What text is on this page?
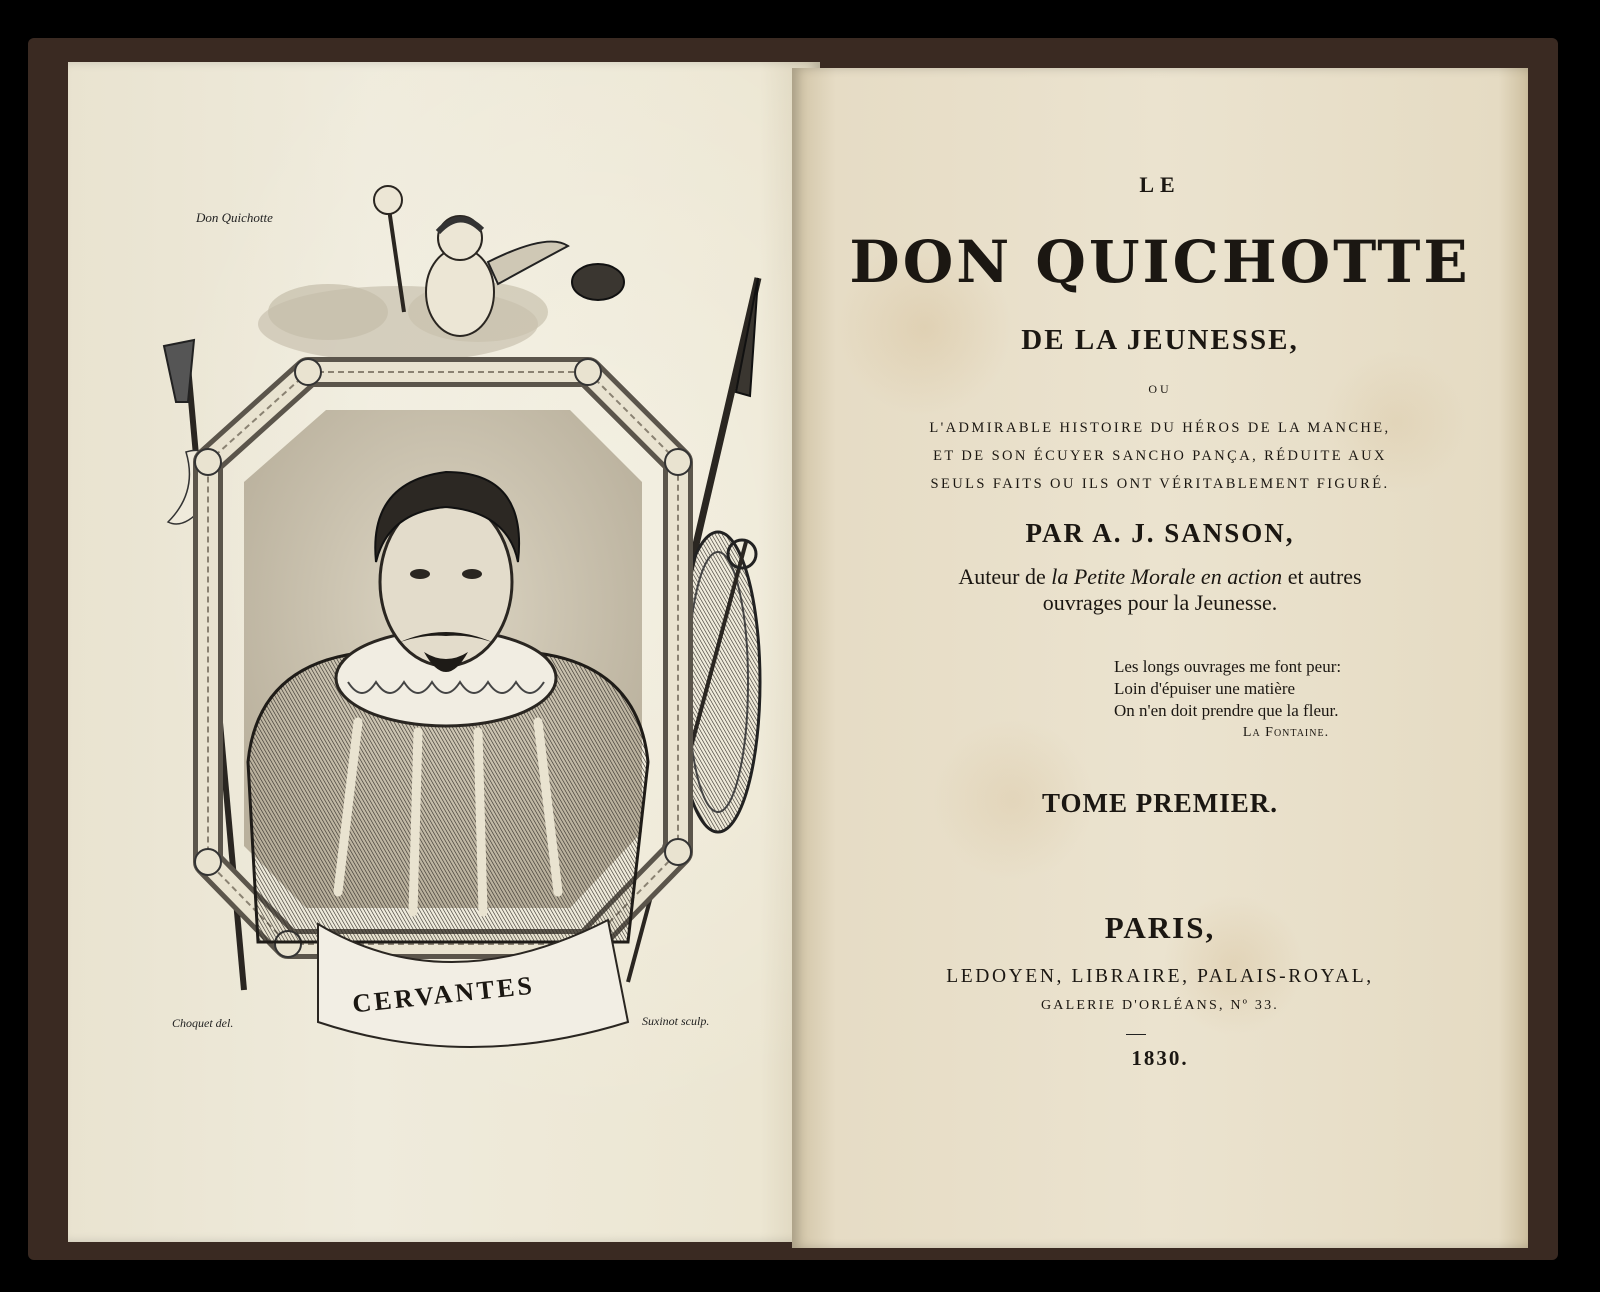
Don Quichotte
Choquet del.	Suxinot sculp.
CERVANTES
LE
DON QUICHOTTE
DE LA JEUNESSE,
OU
L'ADMIRABLE HISTOIRE DU HÉROS DE LA MANCHE,
ET DE SON ÉCUYER SANCHO PANÇA, RÉDUITE AUX
SEULS FAITS OU ILS ONT VÉRITABLEMENT FIGURÉ.
PAR A. J. SANSON,
Auteur de la Petite Morale en action et autres
ouvrages pour la Jeunesse.
Les longs ouvrages me font peur:
Loin d'épuiser une matière
On n'en doit prendre que la fleur.
La Fontaine.
TOME PREMIER.
PARIS,
LEDOYEN, LIBRAIRE, PALAIS-ROYAL,
GALERIE D'ORLÉANS, Nº 33.
1830.
